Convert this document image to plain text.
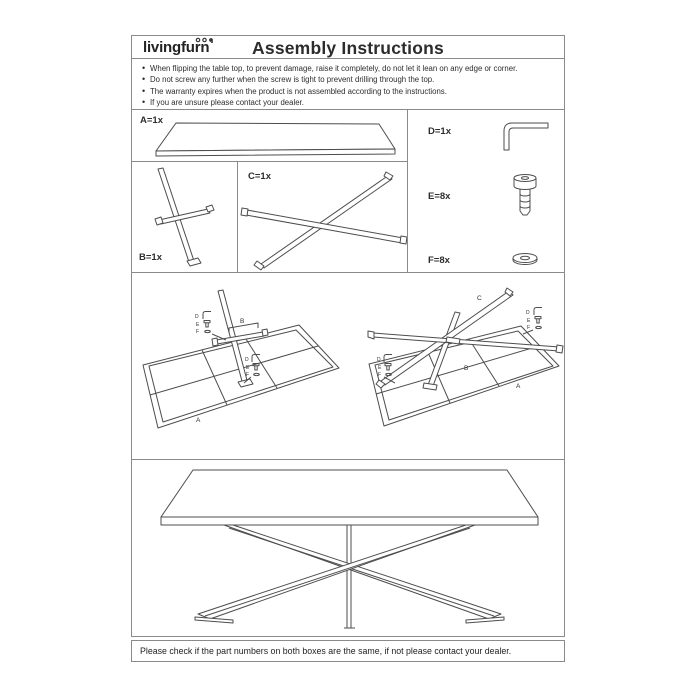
livingfurn	Assembly Instructions
• When flipping the table top, to prevent damage, raise it completely, do not let it lean on any edge or corner.
• Do not screw any further when the screw is tight to prevent drilling through the top.
• The warranty expires when the product is not assembled according to the instructions.
• If you are unsure please contact your dealer.
A=1x
B=1x
C=1x
D=1x
E=8x
F=8x
D
E
F
D
E
F
B
A
D
E
F
D
E
F
C
B
A
Please check if the part numbers on both boxes are the same, if not please contact your dealer.
